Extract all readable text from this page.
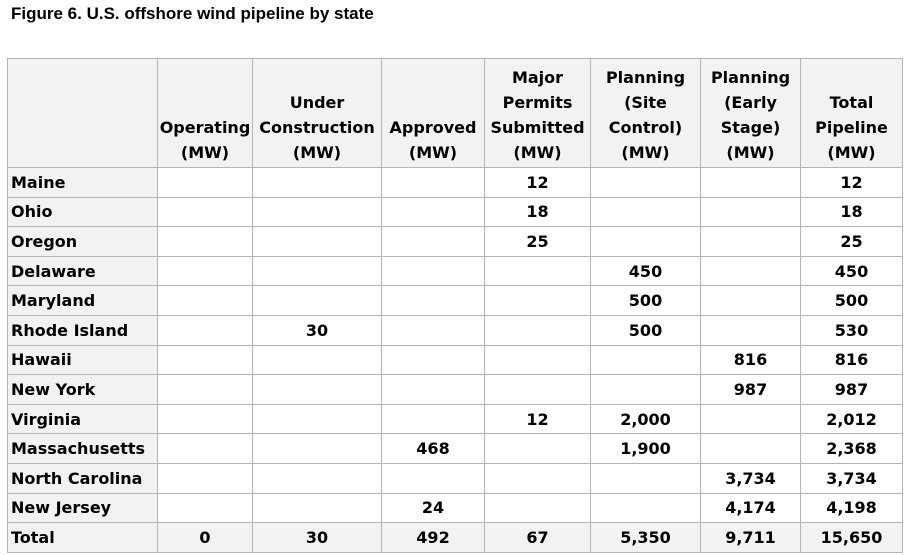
Figure 6. U.S. offshore wind pipeline by state

	Operating
(MW)	Under
Construction
(MW)	Approved
(MW)	Major
Permits
Submitted
(MW)	Planning
(Site
Control)
(MW)	Planning
(Early
Stage)
(MW)	Total
Pipeline
(MW)

Maine				12			12
Ohio				18			18
Oregon				25			25
Delaware					450		450
Maryland					500		500
Rhode Island		30			500		530
Hawaii						816	816
New York						987	987
Virginia				12	2,000		2,012
Massachusetts			468		1,900		2,368
North Carolina						3,734	3,734
New Jersey			24			4,174	4,198
Total	0	30	492	67	5,350	9,711	15,650
